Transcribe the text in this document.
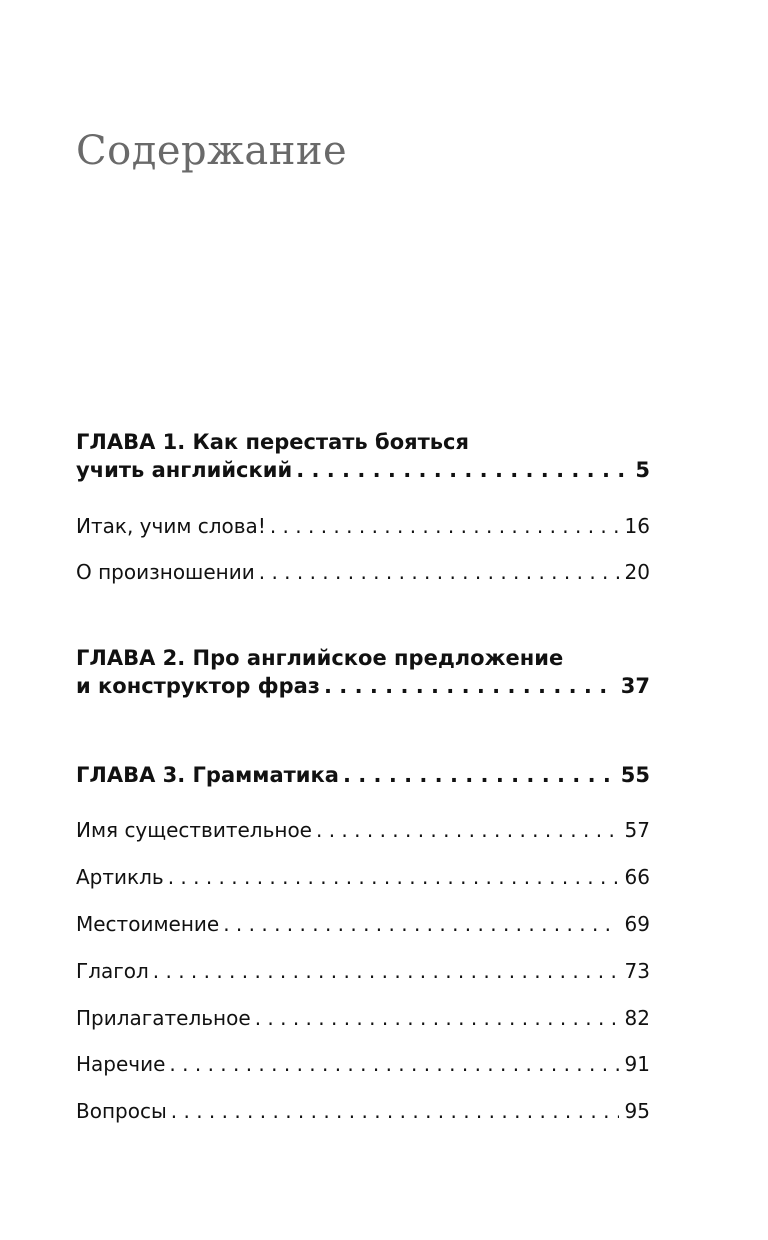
Содержание
ГЛАВА 1. Как перестать бояться
учить английский . . .	5
Итак, учим слова! . . .	16
О произношении . . .	20
ГЛАВА 2. Про английское предложение
и конструктор фраз . . .	37
ГЛАВА 3. Грамматика . . .	55
Имя существительное . . .	57
Артикль . . .	66
Местоимение . . .	69
Глагол . . .	73
Прилагательное . . .	82
Наречие . . .	91
Вопросы . . .	95
